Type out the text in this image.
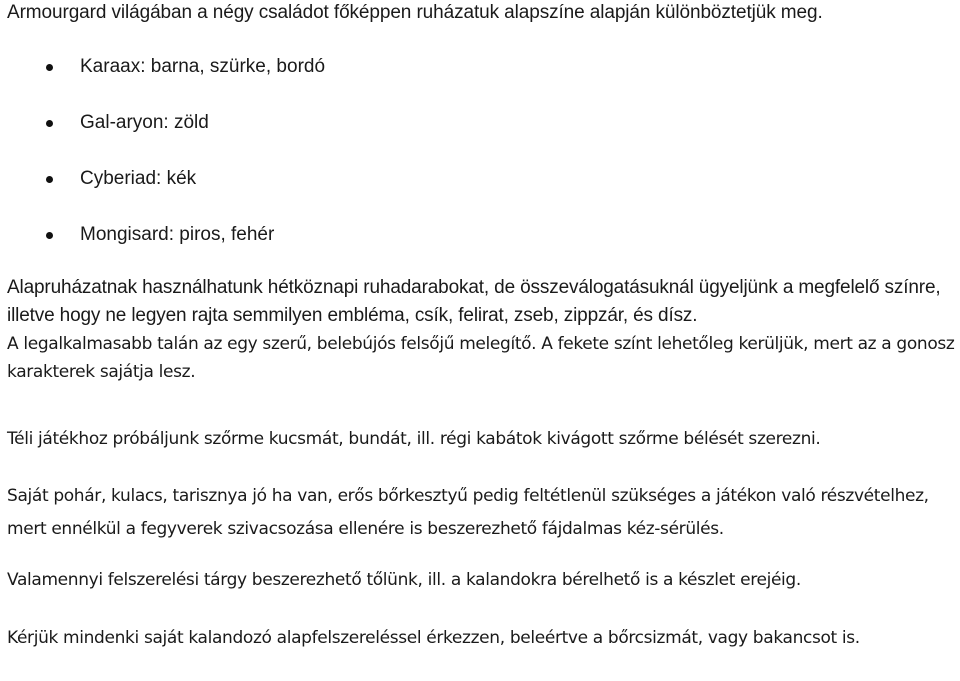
Armourgard világában a négy családot főképpen ruházatuk alapszíne alapján különböztetjük meg.
Karaax: barna, szürke, bordó
Gal-aryon: zöld
Cyberiad: kék
Mongisard: piros, fehér

Alapruházatnak használhatunk hétköznapi ruhadarabokat, de összeválogatásuknál ügyeljünk a megfelelő színre, illetve hogy ne legyen rajta semmilyen embléma, csík, felirat, zseb, zippzár, és dísz.

A legalkalmasabb talán az egy szerű, belebújós felsőjű melegítő. A fekete színt lehetőleg kerüljük, mert az a gonosz karakterek sajátja lesz.

Téli játékhoz próbáljunk szőrme kucsmát, bundát, ill. régi kabátok kivágott szőrme bélését szerezni.

Saját pohár, kulacs, tarisznya jó ha van, erős bőrkesztyű pedig feltétlenül szükséges a játékon való részvételhez, mert ennélkül a fegyverek szivacsozása ellenére is beszerezhető fájdalmas kéz-sérülés.

Valamennyi felszerelési tárgy beszerezhető tőlünk, ill. a kalandokra bérelhető is a készlet erejéig.

Kérjük mindenki saját kalandozó alapfelszereléssel érkezzen, beleértve a bőrcsizmát, vagy bakancsot is.
